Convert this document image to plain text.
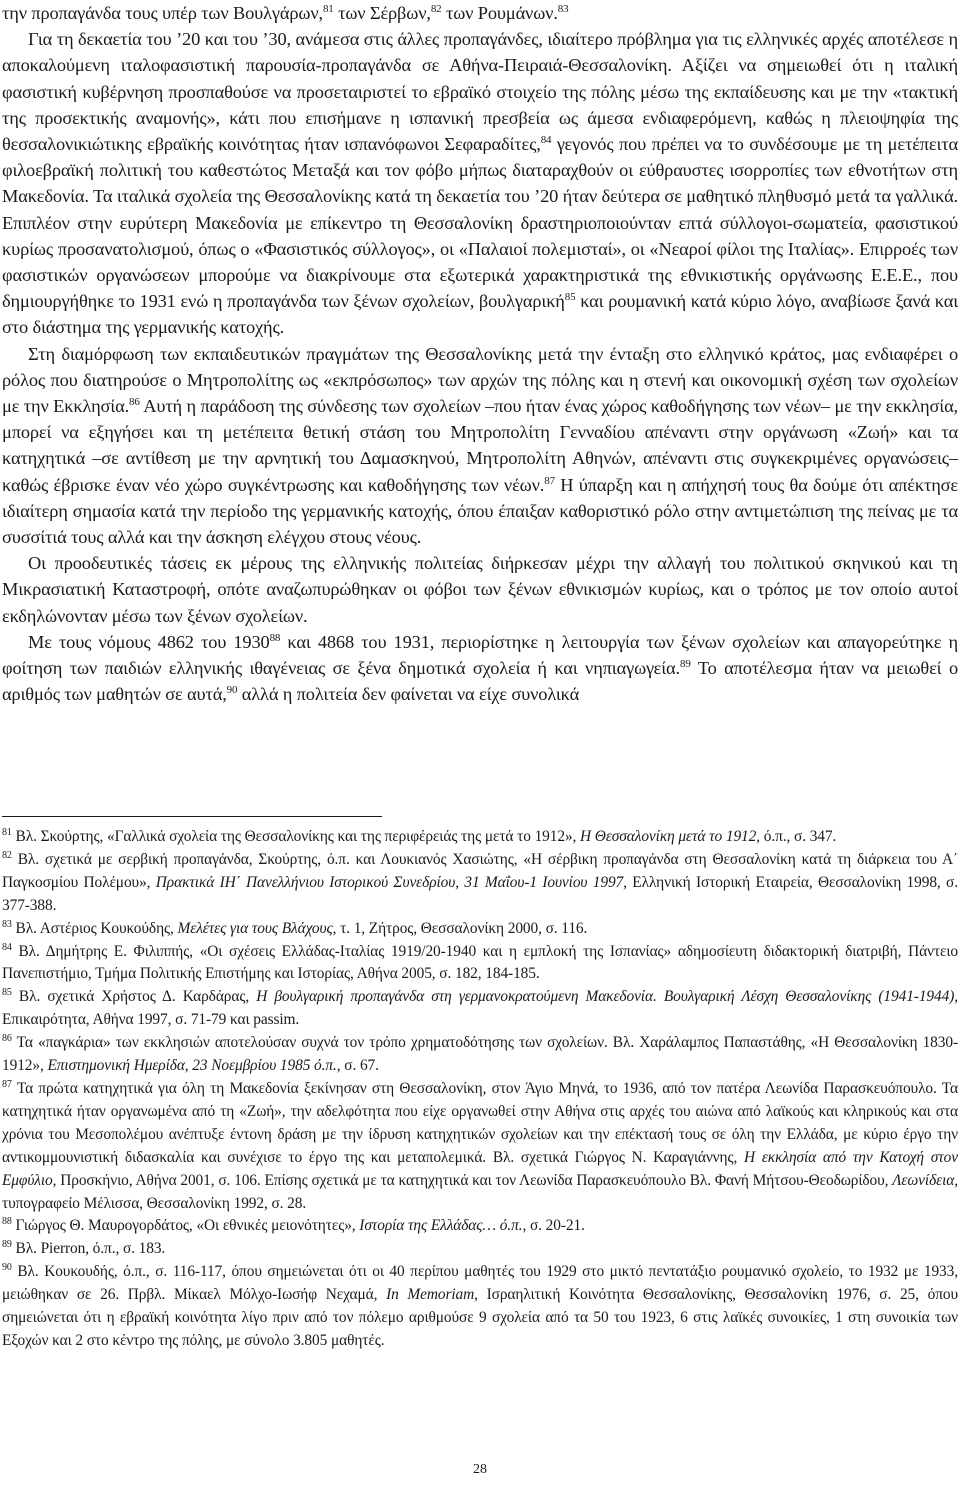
την προπαγάνδα τους υπέρ των Βουλγάρων,$^{81}$ των Σέρβων,$^{82}$ των Ρουμάνων.$^{83}$

Για τη δεκαετία του ’20 και του ’30, ανάμεσα στις άλλες προπαγάνδες, ιδιαίτερο πρόβλημα για τις ελληνικές αρχές αποτέλεσε η αποκαλούμενη ιταλοφασιστική παρουσία-προπαγάνδα σε Αθήνα-Πειραιά-Θεσσαλονίκη. Αξίζει να σημειωθεί ότι η ιταλική φασιστική κυβέρνηση προσπαθούσε να προσεταιριστεί το εβραϊκό στοιχείο της πόλης μέσω της εκπαίδευσης και με την «τακτική της προσεκτικής αναμονής», κάτι που επισήμανε η ισπανική πρεσβεία ως άμεσα ενδιαφερόμενη, καθώς η πλειοψηφία της θεσσαλονικιώτικης εβραϊκής κοινότητας ήταν ισπανόφωνοι Σεφαραδίτες,$^{84}$ γεγονός που πρέπει να το συνδέσουμε με τη μετέπειτα φιλοεβραϊκή πολιτική του καθεστώτος Μεταξά και τον φόβο μήπως διαταραχθούν οι εύθραυστες ισορροπίες των εθνοτήτων στη Μακεδονία. Τα ιταλικά σχολεία της Θεσσαλονίκης κατά τη δεκαετία του ’20 ήταν δεύτερα σε μαθητικό πληθυσμό μετά τα γαλλικά. Επιπλέον στην ευρύτερη Μακεδονία με επίκεντρο τη Θεσσαλονίκη δραστηριοποιούνταν επτά σύλλογοι-σωματεία, φασιστικού κυρίως προσανατολισμού, όπως ο «Φασιστικός σύλλογος», οι «Παλαιοί πολεμισταί», οι «Νεαροί φίλοι της Ιταλίας». Επιρροές των φασιστικών οργανώσεων μπορούμε να διακρίνουμε στα εξωτερικά χαρακτηριστικά της εθνικιστικής οργάνωσης Ε.Ε.Ε., που δημιουργήθηκε το 1931 ενώ η προπαγάνδα των ξένων σχολείων, βουλγαρική$^{85}$ και ρουμανική κατά κύριο λόγο, αναβίωσε ξανά και στο διάστημα της γερμανικής κατοχής.

Στη διαμόρφωση των εκπαιδευτικών πραγμάτων της Θεσσαλονίκης μετά την ένταξη στο ελληνικό κράτος, μας ενδιαφέρει ο ρόλος που διατηρούσε ο Μητροπολίτης ως «εκπρόσωπος» των αρχών της πόλης και η στενή και οικονομική σχέση των σχολείων με την Εκκλησία.$^{86}$ Αυτή η παράδοση της σύνδεσης των σχολείων –που ήταν ένας χώρος καθοδήγησης των νέων– με την εκκλησία, μπορεί να εξηγήσει και τη μετέπειτα θετική στάση του Μητροπολίτη Γενναδίου απέναντι στην οργάνωση «Ζωή» και τα κατηχητικά –σε αντίθεση με την αρνητική του Δαμασκηνού, Μητροπολίτη Αθηνών, απέναντι στις συγκεκριμένες οργανώσεις– καθώς έβρισκε έναν νέο χώρο συγκέντρωσης και καθοδήγησης των νέων.$^{87}$ Η ύπαρξη και η απήχησή τους θα δούμε ότι απέκτησε ιδιαίτερη σημασία κατά την περίοδο της γερμανικής κατοχής, όπου έπαιξαν καθοριστικό ρόλο στην αντιμετώπιση της πείνας με τα συσσίτιά τους αλλά και την άσκηση ελέγχου στους νέους.

Οι προοδευτικές τάσεις εκ μέρους της ελληνικής πολιτείας διήρκεσαν μέχρι την αλλαγή του πολιτικού σκηνικού και τη Μικρασιατική Καταστροφή, οπότε αναζωπυρώθηκαν οι φόβοι των ξένων εθνικισμών κυρίως, και ο τρόπος με τον οποίο αυτοί εκδηλώνονταν μέσω των ξένων σχολείων.

Με τους νόμους 4862 του 1930$^{88}$ και 4868 του 1931, περιορίστηκε η λειτουργία των ξένων σχολείων και απαγορεύτηκε η φοίτηση των παιδιών ελληνικής ιθαγένειας σε ξένα δημοτικά σχολεία ή και νηπιαγωγεία.$^{89}$ Το αποτέλεσμα ήταν να μειωθεί ο αριθμός των μαθητών σε αυτά,$^{90}$ αλλά η πολιτεία δεν φαίνεται να είχε συνολικά

$^{81}$ Βλ. Σκούρτης, «Γαλλικά σχολεία της Θεσσαλονίκης και της περιφέρειάς της μετά το 1912», Η Θεσσαλονίκη μετά το 1912, ό.π., σ. 347.

$^{82}$ Βλ. σχετικά με σερβική προπαγάνδα, Σκούρτης, ό.π. και Λουκιανός Χασιώτης, «Η σέρβικη προπαγάνδα στη Θεσσαλονίκη κατά τη διάρκεια του Α΄ Παγκοσμίου Πολέμου», Πρακτικά ΙΗ΄ Πανελλήνιου Ιστορικού Συνεδρίου, 31 Μαΐου-1 Ιουνίου 1997, Ελληνική Ιστορική Εταιρεία, Θεσσαλονίκη 1998, σ. 377-388.

$^{83}$ Βλ. Αστέριος Κουκούδης, Μελέτες για τους Βλάχους, τ. 1, Ζήτρος, Θεσσαλονίκη 2000, σ. 116.

$^{84}$ Βλ. Δημήτρης Ε. Φιλιππής, «Οι σχέσεις Ελλάδας-Ιταλίας 1919/20-1940 και η εμπλοκή της Ισπανίας» αδημοσίευτη διδακτορική διατριβή, Πάντειο Πανεπιστήμιο, Τμήμα Πολιτικής Επιστήμης και Ιστορίας, Αθήνα 2005, σ. 182, 184-185.

$^{85}$ Βλ. σχετικά Χρήστος Δ. Καρδάρας, Η βουλγαρική προπαγάνδα στη γερμανοκρατούμενη Μακεδονία. Βουλγαρική Λέσχη Θεσσαλονίκης (1941-1944), Επικαιρότητα, Αθήνα 1997, σ. 71-79 και passim.

$^{86}$ Τα «παγκάρια» των εκκλησιών αποτελούσαν συχνά τον τρόπο χρηματοδότησης των σχολείων. Βλ. Χαράλαμπος Παπαστάθης, «Η Θεσσαλονίκη 1830-1912», Επιστημονική Ημερίδα, 23 Νοεμβρίου 1985 ό.π., σ. 67.

$^{87}$ Τα πρώτα κατηχητικά για όλη τη Μακεδονία ξεκίνησαν στη Θεσσαλονίκη, στον Άγιο Μηνά, το 1936, από τον πατέρα Λεωνίδα Παρασκευόπουλο. Τα κατηχητικά ήταν οργανωμένα από τη «Ζωή», την αδελφότητα που είχε οργανωθεί στην Αθήνα στις αρχές του αιώνα από λαϊκούς και κληρικούς και στα χρόνια του Μεσοπολέμου ανέπτυξε έντονη δράση με την ίδρυση κατηχητικών σχολείων και την επέκτασή τους σε όλη την Ελλάδα, με κύριο έργο την αντικομμουνιστική διδασκαλία και συνέχισε το έργο της και μεταπολεμικά. Βλ. σχετικά Γιώργος Ν. Καραγιάννης, Η εκκλησία από την Κατοχή στον Εμφύλιο, Προσκήνιο, Αθήνα 2001, σ. 106. Επίσης σχετικά με τα κατηχητικά και τον Λεωνίδα Παρασκευόπουλο Βλ. Φανή Μήτσου-Θεοδωρίδου, Λεωνίδεια, τυπογραφείο Μέλισσα, Θεσσαλονίκη 1992, σ. 28.

$^{88}$ Γιώργος Θ. Μαυρογορδάτος, «Οι εθνικές μειονότητες», Ιστορία της Ελλάδας… ό.π., σ. 20-21.

$^{89}$ Βλ. Pierron, ό.π., σ. 183.

$^{90}$ Βλ. Κουκουδής, ό.π., σ. 116-117, όπου σημειώνεται ότι οι 40 περίπου μαθητές του 1929 στο μικτό πεντατάξιο ρουμανικό σχολείο, το 1932 με 1933, μειώθηκαν σε 26. Πρβλ. Μίκαελ Μόλχο-Ιωσήφ Νεχαμά, In Memoriam, Ισραηλιτική Κοινότητα Θεσσαλονίκης, Θεσσαλονίκη 1976, σ. 25, όπου σημειώνεται ότι η εβραϊκή κοινότητα λίγο πριν από τον πόλεμο αριθμούσε 9 σχολεία από τα 50 του 1923, 6 στις λαϊκές συνοικίες, 1 στη συνοικία των Εξοχών και 2 στο κέντρο της πόλης, με σύνολο 3.805 μαθητές.

28
